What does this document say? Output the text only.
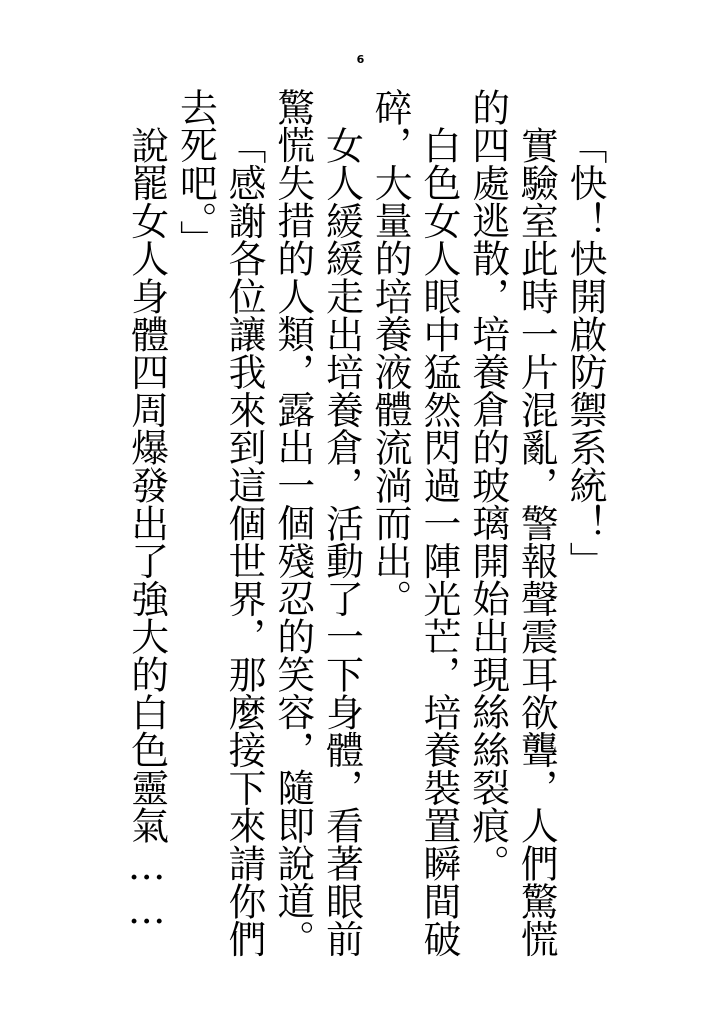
6

「快！快開啟防禦系統！」

實驗室此時一片混亂，警報聲震耳欲聾，人們驚慌的四處逃散，培養倉的玻璃開始出現絲絲裂痕。

白色女人眼中猛然閃過一陣光芒，培養裝置瞬間破碎，大量的培養液體流淌而出。

女人緩緩走出培養倉，活動了一下身體，看著眼前驚慌失措的人類，露出一個殘忍的笑容，隨即說道。

「感謝各位讓我來到這個世界，那麼接下來請你們去死吧。」

說罷女人身體四周爆發出了強大的白色靈氣……
